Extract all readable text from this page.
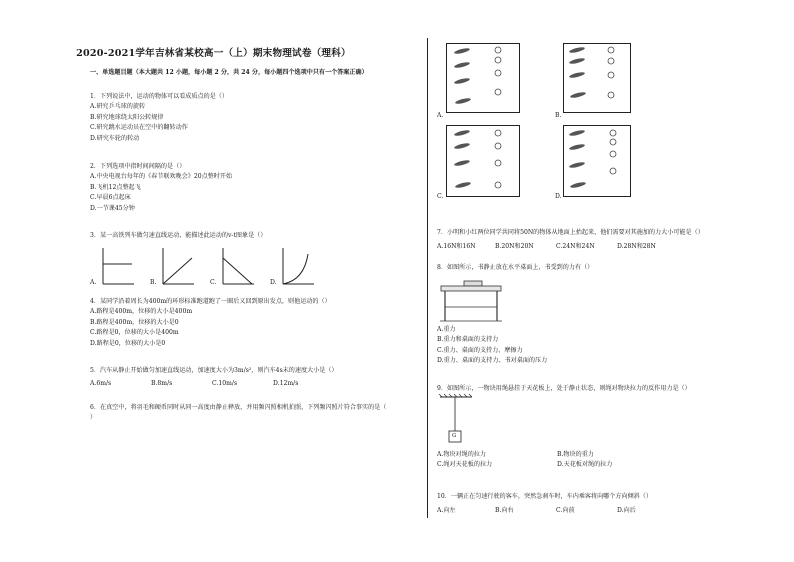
2020-2021学年吉林省某校高一（上）期末物理试卷（理科）
一、单选题目题（本大题共 12 小题，每小题 2 分，共 24 分，每小题四个选项中只有一个答案正确）
1．下列说法中，运动的物体可以看成质点的是（）
A.研究乒乓球的旋转
B.研究地球绕太阳公转规律
C.研究跳水运动员在空中的翻转动作
D.研究车轮的转动
2．下列选项中指时间间隔的是（）
A.中央电视台每年的《春节联欢晚会》20点整时开始
B.飞机12点整起飞
C.早晨6点起床
D.一节课45分钟
3．某一高铁列车做匀速直线运动，能描述此运动的v-t图象是（）
A.	B.	C.	D.
4．某同学沿着周长为400m的环形标准跑道跑了一圈后又回到原出发点，则他运动的（）
A.路程是400m，位移的大小是400m
B.路程是400m，位移的大小是0
C.路程是0，位移的大小是400m
D.路程是0，位移的大小是0
5．汽车从静止开始做匀加速直线运动，加速度大小为3m/s²，则汽车4s末的速度大小是（）
A.6m/s	B.8m/s	C.10m/s	D.12m/s
6．在真空中，将羽毛和硬币同时从同一高度由静止释放，并用频闪照相机拍照，下列频闪照片符合事实的是（
）
A.	B.
C.	D.
7．小明和小红两位同学共同将50N的物体从地面上抬起来，他们需要对其施加的力大小可能是（）
A.16N和16N	B.20N和20N	C.24N和24N	D.28N和28N
8．如图所示，书静止放在水平桌面上，书受到的力有（）
A.重力
B.重力和桌面的支持力
C.重力、桌面的支持力、摩擦力
D.重力、桌面的支持力、书对桌面的压力
9．如图所示，一物块用绳悬挂于天花板上，处于静止状态，则绳对物块拉力的反作用力是（）
G
A.物块对绳的拉力	B.物块的重力
C.绳对天花板的拉力	D.天花板对绳的拉力
10．一辆正在匀速行驶的客车，突然急刹车时，车内乘客将向哪个方向倾斜（）
A.向左	B.向右	C.向前	D.向后
